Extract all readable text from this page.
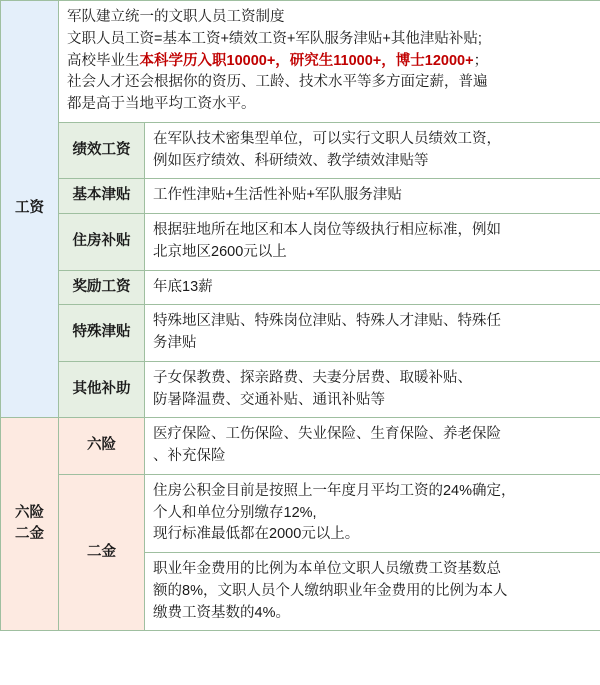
工资	军队建立统一的文职人员工资制度
文职人员工资=基本工资+绩效工资+军队服务津贴+其他津贴补贴;
高校毕业生本科学历入职10000+，研究生11000+，博士12000+；
社会人才还会根据你的资历、工龄、技术水平等多方面定薪，普遍
都是高于当地平均工资水平。	

	绩效工资	在军队技术密集型单位，可以实行文职人员绩效工资，
例如医疗绩效、科研绩效、教学绩效津贴等

	基本津贴	工作性津贴+生活性补贴+军队服务津贴

	住房补贴	根据驻地所在地区和本人岗位等级执行相应标准，例如
北京地区2600元以上

	奖励工资	年底13薪

	特殊津贴	特殊地区津贴、特殊岗位津贴、特殊人才津贴、特殊任
务津贴

	其他补助	子女保教费、探亲路费、夫妻分居费、取暖补贴、
防暑降温费、交通补贴、通讯补贴等

六险二金	六险	医疗保险、工伤保险、失业保险、生育保险、养老保险
、补充保险

	二金	住房公积金目前是按照上一年度月平均工资的24%确定，
个人和单位分别缴存12%,
现行标准最低都在2000元以上。

		职业年金费用的比例为本单位文职人员缴费工资基数总
额的8%，文职人员个人缴纳职业年金费用的比例为本人
缴费工资基数的4%。
